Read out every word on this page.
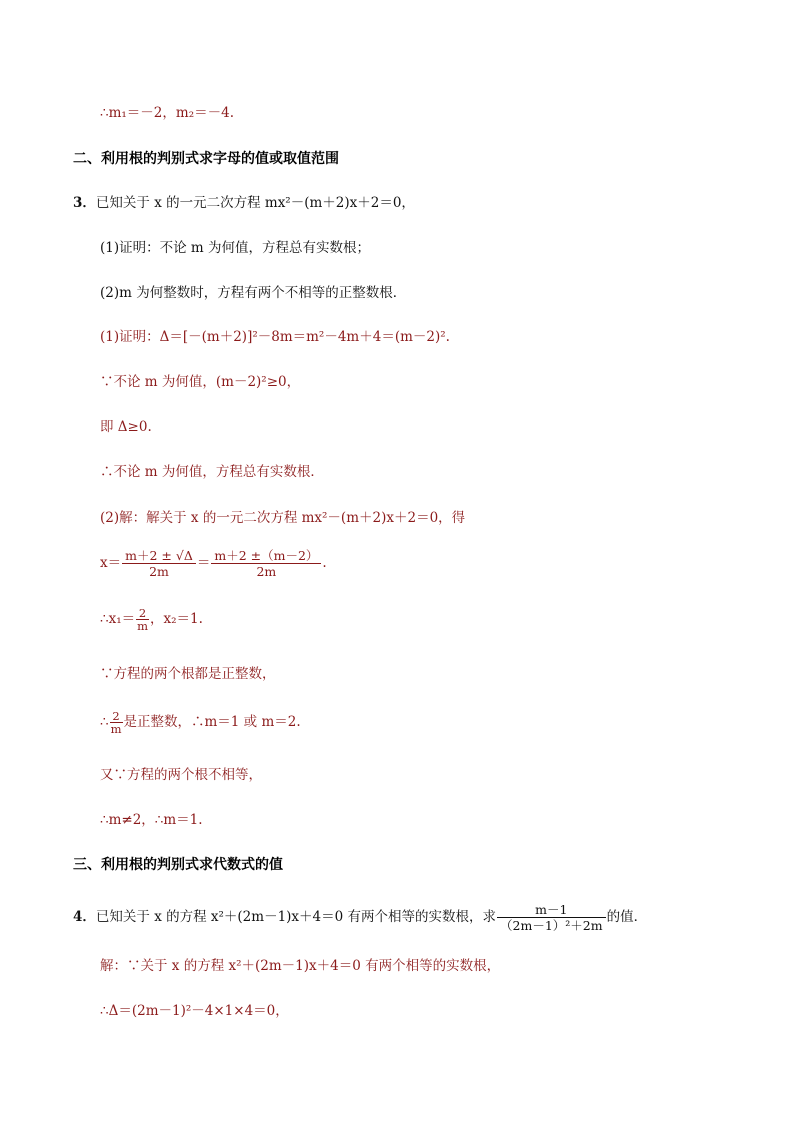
∴m₁＝－2，m₂＝－4.
二、利用根的判别式求字母的值或取值范围
3．已知关于 x 的一元二次方程 mx²－(m＋2)x＋2＝0，
(1)证明：不论 m 为何值，方程总有实数根；
(2)m 为何整数时，方程有两个不相等的正整数根．
(1)证明：Δ＝[－(m＋2)]²－8m＝m²－4m＋4＝(m－2)².
∵不论 m 为何值，(m－2)²≥0，
即 Δ≥0.
∴不论 m 为何值，方程总有实数根．
(2)解：解关于 x 的一元二次方程 mx²－(m＋2)x＋2＝0，得
$x= \frac{m+2 \pm √\Delta}{2m} = \frac{m+2 \pm(m-2)}{2m}$ .
∴x₁＝ $\frac{2}{m}$ ，x₂＝1.
∵方程的两个根都是正整数，
∴ $\frac{2}{m}$ 是正整数，∴m＝1 或 m＝2.
又∵方程的两个根不相等，
∴m≠2，∴m＝1.
三、利用根的判别式求代数式的值
4．已知关于 x 的方程 x²＋(2m－1)x＋4＝0 有两个相等的实数根，求 $\frac{m-1}{\text{（2m－1）²＋2m}}$ 的值．
解：∵关于 x 的方程 x²＋(2m－1)x＋4＝0 有两个相等的实数根，
∴Δ＝(2m－1)²－4×1×4＝0，
